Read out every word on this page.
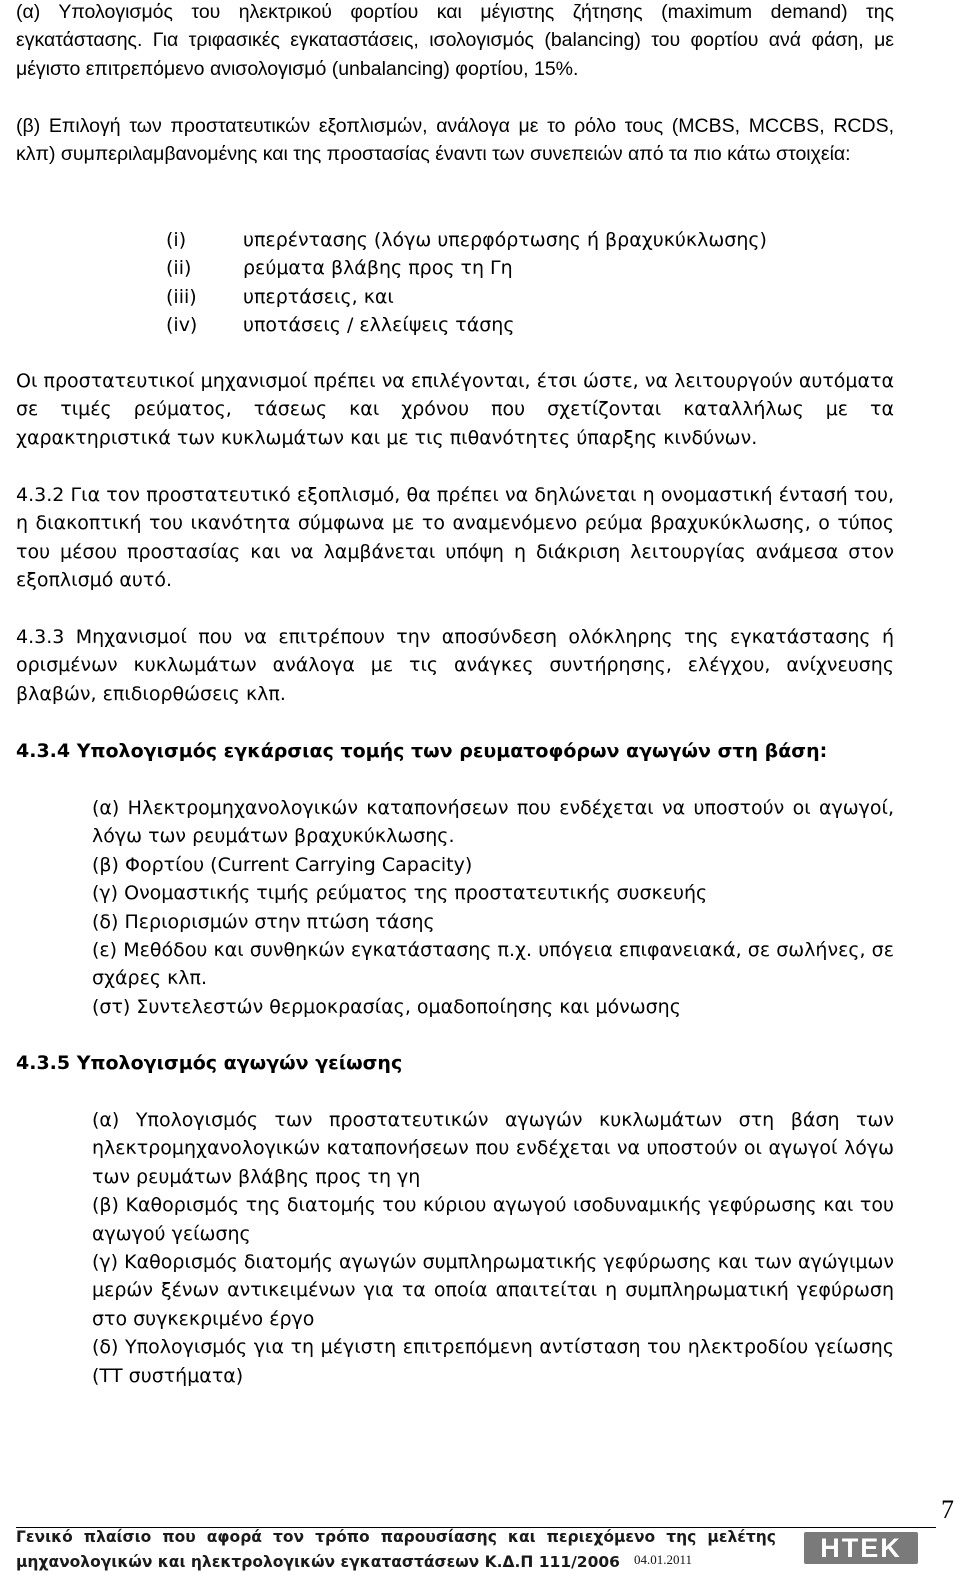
(α) Υπολογισμός του ηλεκτρικού φορτίου και μέγιστης ζήτησης (maximum demand) της εγκατάστασης. Για τριφασικές εγκαταστάσεις, ισολογισμός (balancing) του φορτίου ανά φάση, με μέγιστο επιτρεπόμενο ανισολογισμό (unbalancing) φορτίου, 15%.

(β) Επιλογή των προστατευτικών εξοπλισμών, ανάλογα με το ρόλο τους (MCBS, MCCBS, RCDS, κλπ) συμπεριλαμβανομένης και της προστασίας έναντι των συνεπειών από τα πιο κάτω στοιχεία:

(i)	υπερέντασης (λόγω υπερφόρτωσης ή βραχυκύκλωσης)
(ii)	ρεύματα βλάβης προς τη Γη
(iii)	υπερτάσεις, και
(iv)	υποτάσεις / ελλείψεις τάσης

Οι προστατευτικοί μηχανισμοί πρέπει να επιλέγονται, έτσι ώστε, να λειτουργούν αυτόματα σε τιμές ρεύματος, τάσεως και χρόνου που σχετίζονται καταλλήλως με τα χαρακτηριστικά των κυκλωμάτων και με τις πιθανότητες ύπαρξης κινδύνων.

4.3.2 Για τον προστατευτικό εξοπλισμό, θα πρέπει να δηλώνεται η ονομαστική έντασή του, η διακοπτική του ικανότητα σύμφωνα με το αναμενόμενο ρεύμα βραχυκύκλωσης, ο τύπος του μέσου προστασίας και να λαμβάνεται υπόψη η διάκριση λειτουργίας ανάμεσα στον εξοπλισμό αυτό.

4.3.3 Μηχανισμοί που να επιτρέπουν την αποσύνδεση ολόκληρης της εγκατάστασης ή ορισμένων κυκλωμάτων ανάλογα με τις ανάγκες συντήρησης, ελέγχου, ανίχνευσης βλαβών, επιδιορθώσεις κλπ.

4.3.4 Υπολογισμός εγκάρσιας τομής των ρευματοφόρων αγωγών στη βάση:
(α) Ηλεκτρομηχανολογικών καταπονήσεων που ενδέχεται να υποστούν οι αγωγοί, λόγω των ρευμάτων βραχυκύκλωσης.
(β) Φορτίου (Current Carrying Capacity)
(γ) Ονομαστικής τιμής ρεύματος της προστατευτικής συσκευής
(δ) Περιορισμών στην πτώση τάσης
(ε) Μεθόδου και συνθηκών εγκατάστασης π.χ. υπόγεια επιφανειακά, σε σωλήνες, σε σχάρες κλπ.
(στ) Συντελεστών θερμοκρασίας, ομαδοποίησης και μόνωσης
4.3.5 Υπολογισμός αγωγών γείωσης
(α) Υπολογισμός των προστατευτικών αγωγών κυκλωμάτων στη βάση των ηλεκτρομηχανολογικών καταπονήσεων που ενδέχεται να υποστούν οι αγωγοί λόγω των ρευμάτων βλάβης προς τη γη
(β) Καθορισμός της διατομής του κύριου αγωγού ισοδυναμικής γεφύρωσης και του αγωγού γείωσης
(γ) Καθορισμός διατομής αγωγών συμπληρωματικής γεφύρωσης και των αγώγιμων μερών ξένων αντικειμένων για τα οποία απαιτείται η συμπληρωματική γεφύρωση στο συγκεκριμένο έργο
(δ) Υπολογισμός για τη μέγιστη επιτρεπόμενη αντίσταση του ηλεκτροδίου γείωσης (ΤΤ συστήματα)
7

Γενικό πλαίσιο που αφορά τον τρόπο παρουσίασης και περιεχόμενο της μελέτης μηχανολογικών και ηλεκτρολογικών εγκαταστάσεων Κ.Δ.Π 111/2006	04.01.2011	ΗΤΕΚ
